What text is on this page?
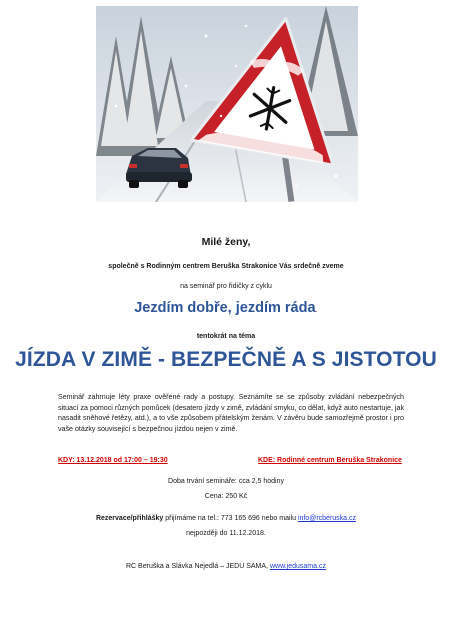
Milé ženy,
společně s Rodinným centrem Beruška Strakonice Vás srdečně zveme
na seminář pro řidičky z cyklu
Jezdím dobře, jezdím ráda.
tentokrát na téma
JÍZDA V ZIMĚ - BEZPEČNĚ A S JISTOTOU
Seminář zahrnuje léty praxe ověřené rady a postupy. Seznámíte se se způsoby zvládání nebezpečných situací za pomoci různých pomůcek (desatero jízdy v zimě, zvládání smyku, co dělat, když auto nestartuje, jak nasadit sněhové řetězy, atd.), a to vše způsobem přátelským ženám. V závěru bude samozřejmě prostor i pro vaše otázky související s bezpečnou jízdou nejen v zimě.
KDY: 13.12.2018 od 17:00 – 19:30	KDE: Rodinné centrum Beruška Strakonice
Doba trvání semináře: cca 2,5 hodiny
Cena: 250 Kč
Rezervace/přihlášky přijímáme na tel.: 773 165 696 nebo mailu info@rcberuska.cz
nejpozději do 11.12.2018.
RC Beruška a Slávka Nejedlá – JEDU SAMA, www.jedusama.cz
